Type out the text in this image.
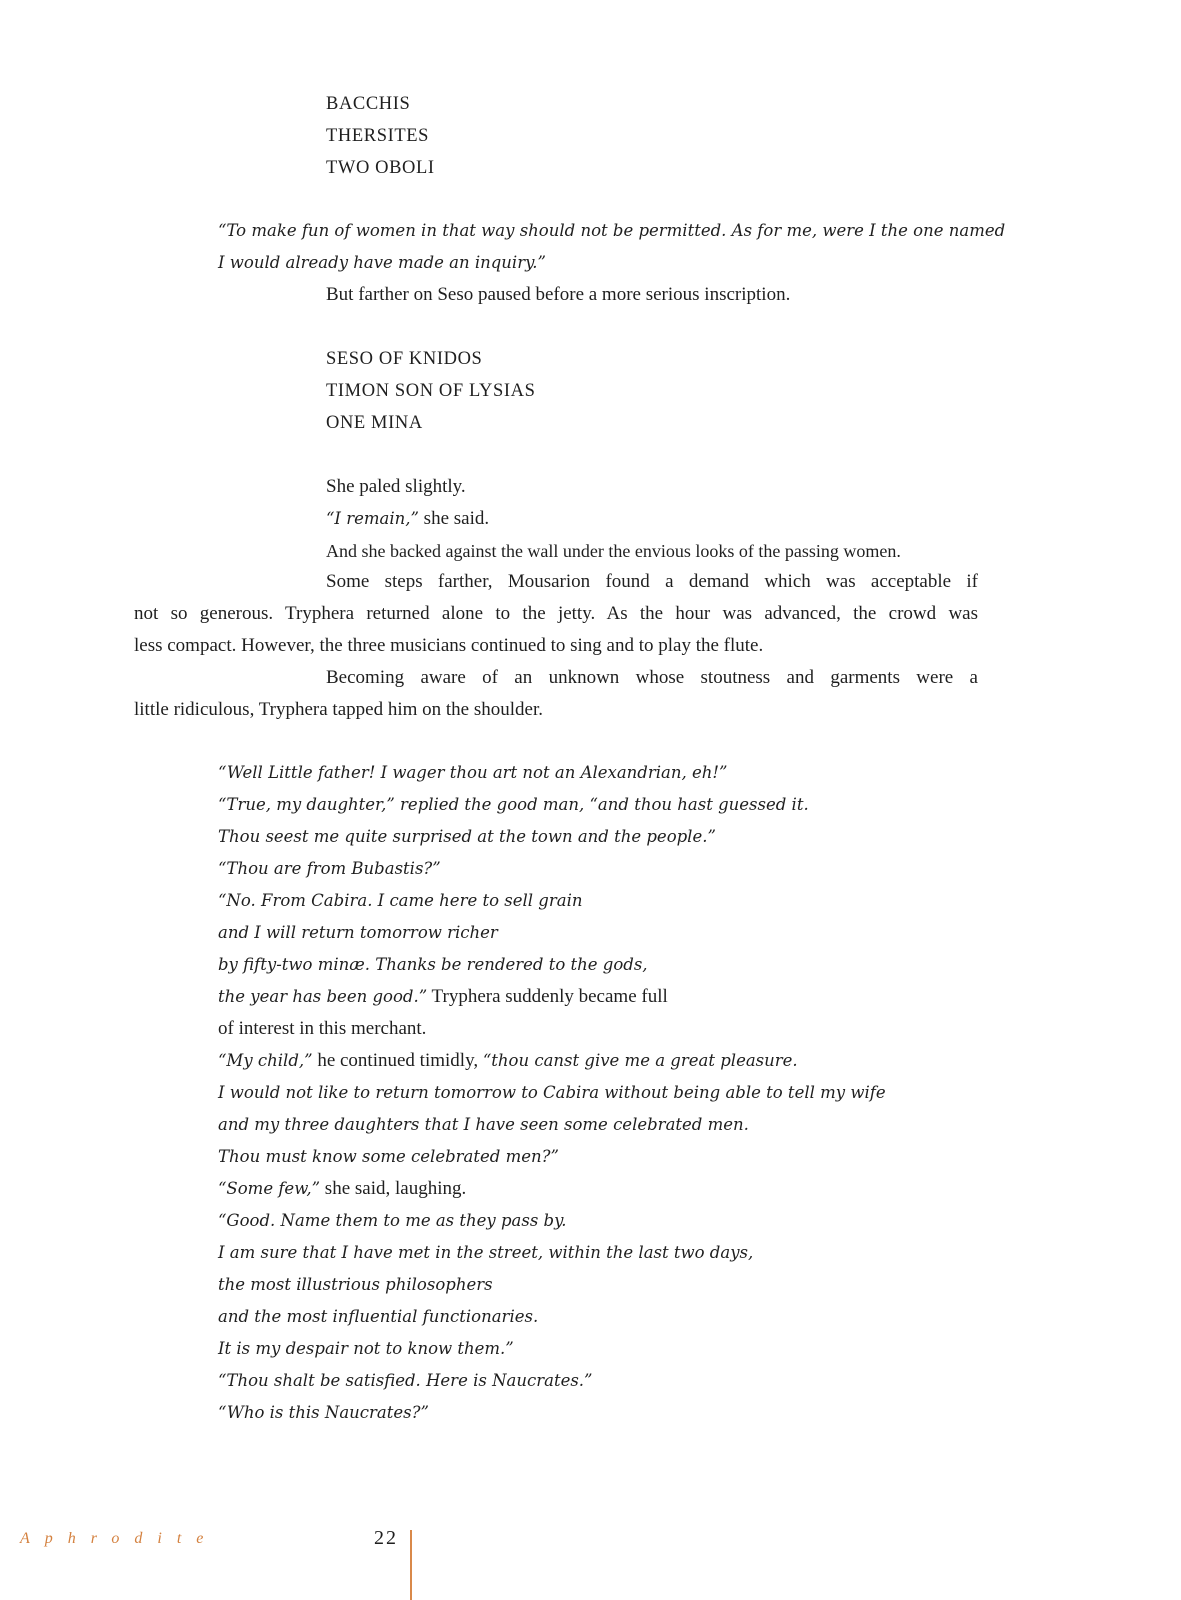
BACCHIS
THERSITES
TWO OBOLI
“To make fun of women in that way should not be permitted. As for me, were I the one named
I would already have made an inquiry.”
But farther on Seso paused before a more serious inscription.
SESO OF KNIDOS
TIMON SON OF LYSIAS
ONE MINA
She paled slightly.
“I remain,” she said.
And she backed against the wall under the envious looks of the passing women.
Some steps farther, Mousarion found a demand which was acceptable if
not so generous. Tryphera returned alone to the jetty. As the hour was advanced, the crowd was
less compact. However, the three musicians continued to sing and to play the flute.
Becoming aware of an unknown whose stoutness and garments were a
little ridiculous, Tryphera tapped him on the shoulder.
“Well Little father! I wager thou art not an Alexandrian, eh!”
“True, my daughter,” replied the good man, “and thou hast guessed it.
Thou seest me quite surprised at the town and the people.”
“Thou are from Bubastis?”
“No. From Cabira. I came here to sell grain
and I will return tomorrow richer
by fifty-two minæ. Thanks be rendered to the gods,
the year has been good.” Tryphera suddenly became full
of interest in this merchant.
“My child,” he continued timidly, “thou canst give me a great pleasure.
I would not like to return tomorrow to Cabira without being able to tell my wife
and my three daughters that I have seen some celebrated men.
Thou must know some celebrated men?”
“Some few,” she said, laughing.
“Good. Name them to me as they pass by.
I am sure that I have met in the street, within the last two days,
the most illustrious philosophers
and the most influential functionaries.
It is my despair not to know them.”
“Thou shalt be satisfied. Here is Naucrates.”
“Who is this Naucrates?”
Aphrodite	22
